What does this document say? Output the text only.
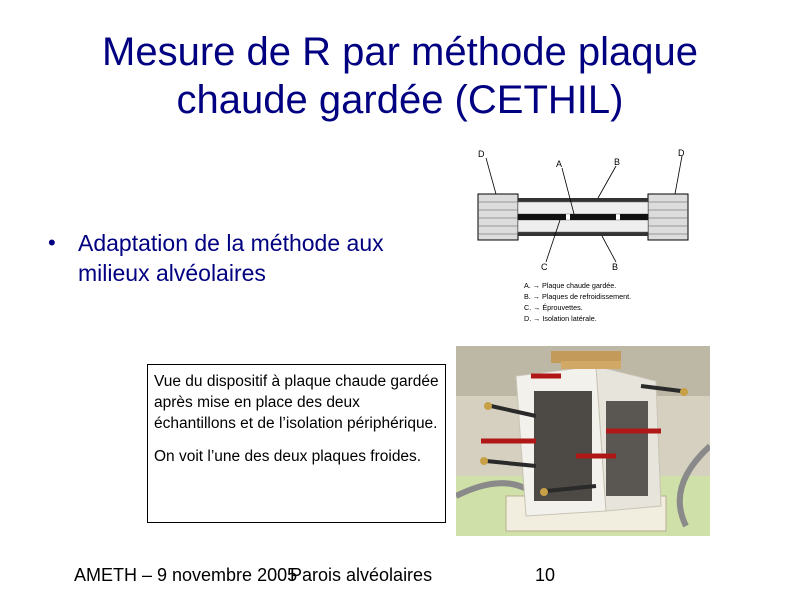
Mesure de R par méthode plaque chaude gardée (CETHIL)
• Adaptation de la méthode aux milieux alvéolaires
D	D
A	B
C	B
A. → Plaque chaude gardée.
B. → Plaques de refroidissement.
C. → Éprouvettes.
D. → Isolation latérale.

Vue du dispositif à plaque chaude gardée après mise en place des deux échantillons et de l’isolation périphérique.

On voit l’une des deux plaques froides.

AMETH – 9 novembre 2005
Parois alvéolaires	10
